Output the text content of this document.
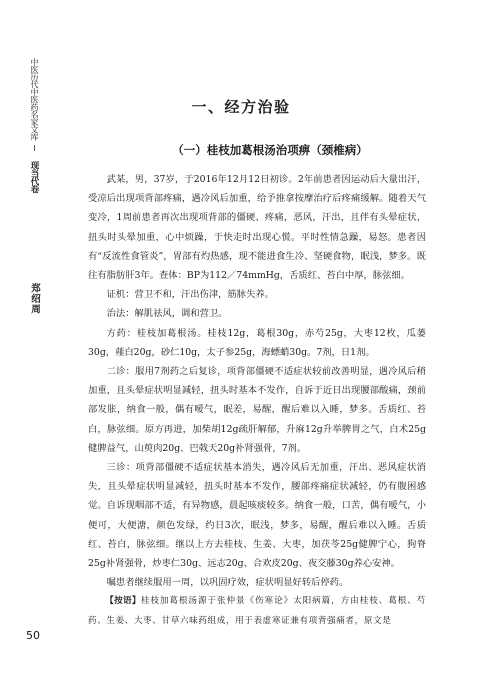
中医历代中医药名家文库
现当代卷
郑绍周
一、经方治验
（一）桂枝加葛根汤治项痹（颈椎病）

武某，男，37岁，于2016年12月12日初诊。2年前患者因运动后大量出汗，受凉后出现项背部疼痛，遇冷风后加重，给予推拿按摩治疗后疼痛缓解。随着天气变冷，1周前患者再次出现项背部的僵硬、疼痛，恶风，汗出，且伴有头晕症状，扭头时头晕加重，心中烦躁，于快走时出现心慌。平时性情急躁，易怒。患者因有“反流性食管炎”，胃部有灼热感，现不能进食生冷、坚硬食物，眠浅，梦多。既往有脂肪肝3年。查体：BP为112／74mmHg，舌质红、苔白中厚，脉弦细。

证机：营卫不和，汗出伤津，筋脉失养。

治法：解肌祛风，调和营卫。

方药：桂枝加葛根汤。桂枝12g，葛根30g，赤芍25g，大枣12枚，瓜蒌30g，薤白20g，砂仁10g，太子参25g，海螵蛸30g。7剂，日1剂。

二诊：服用7剂药之后复诊，项背部僵硬不适症状较前改善明显，遇冷风后稍加重，且头晕症状明显减轻，扭头时基本不发作，自诉于近日出现腰部酸痛，颈前部发胀，纳食一般，偶有嗳气，眠差，易醒，醒后难以入睡，梦多。舌质红、苔白，脉弦细。原方再进，加柴胡12g疏肝解郁，升麻12g升举脾胃之气，白术25g健脾益气，山萸肉20g、巴戟天20g补肾强骨，7剂。

三诊：项背部僵硬不适症状基本消失，遇冷风后无加重，汗出、恶风症状消失，且头晕症状明显减轻，扭头时基本不发作，腰部疼痛症状减轻，仍有腹困感觉。自诉现咽部不适，有异物感，晨起咳痰较多。纳食一般，口苦，偶有嗳气，小便可，大便溏，颜色发绿，约日3次，眠浅，梦多，易醒，醒后难以入睡。舌质红、苔白，脉弦细。继以上方去桂枝、生姜、大枣，加茯苓25g健脾宁心，狗脊25g补肾强骨，炒枣仁30g、远志20g、合欢皮20g、夜交藤30g养心安神。

嘱患者继续服用一周，以巩固疗效，症状明显好转后停药。

【按语】桂枝加葛根汤源于张仲景《伤寒论》太阳病篇，方由桂枝、葛根、芍药、生姜、大枣、甘草六味药组成，用于表虚寒证兼有项背强痛者，原文是

50
